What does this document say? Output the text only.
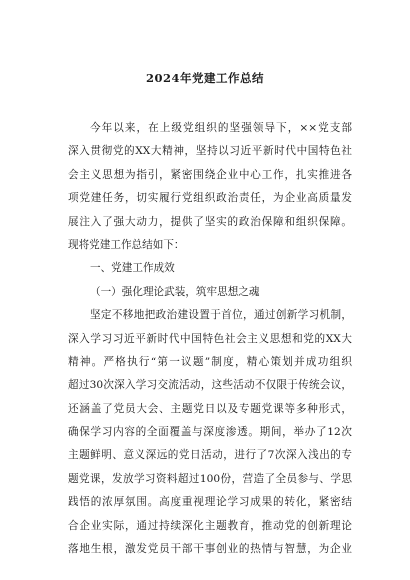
2024年党建工作总结
今年以来，在上级党组织的坚强领导下，××党支部
深入贯彻党的XX大精神，坚持以习近平新时代中国特色社
会主义思想为指引，紧密围绕企业中心工作，扎实推进各
项党建任务，切实履行党组织政治责任，为企业高质量发
展注入了强大动力，提供了坚实的政治保障和组织保障。
现将党建工作总结如下：
一、党建工作成效
（一）强化理论武装，筑牢思想之魂
坚定不移地把政治建设置于首位，通过创新学习机制，
深入学习习近平新时代中国特色社会主义思想和党的XX大
精神。严格执行“第一议题”制度，精心策划并成功组织
超过30次深入学习交流活动，这些活动不仅限于传统会议，
还涵盖了党员大会、主题党日以及专题党课等多种形式，
确保学习内容的全面覆盖与深度渗透。期间，举办了12次
主题鲜明、意义深远的党日活动，进行了7次深入浅出的专
题党课，发放学习资料超过100份，营造了全员参与、学思
践悟的浓厚氛围。高度重视理论学习成果的转化，紧密结
合企业实际，通过持续深化主题教育，推动党的创新理论
落地生根，激发党员干部干事创业的热情与智慧，为企业
